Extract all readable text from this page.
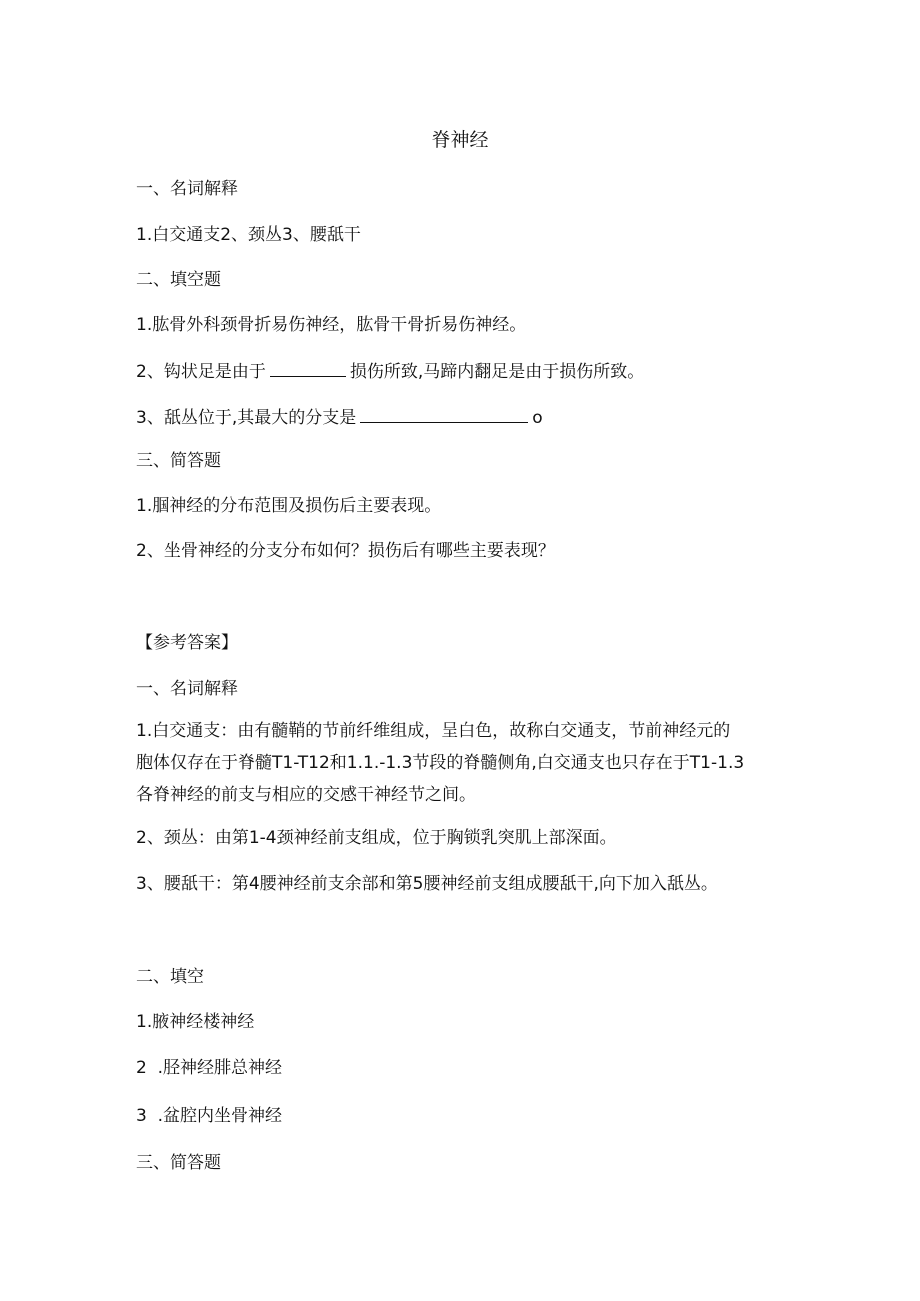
脊神经
一、名词解释
1.白交通支2、颈丛3、腰舐干
二、填空题
1.肱骨外科颈骨折易伤神经，肱骨干骨折易伤神经。
2、钩状足是由于	损伤所致,马蹄内翻足是由于损伤所致。
3、舐丛位于,其最大的分支是	o
三、简答题
1.腘神经的分布范围及损伤后主要表现。
2、坐骨神经的分支分布如何？损伤后有哪些主要表现？
【参考答案】
一、名词解释
1.白交通支：由有髓鞘的节前纤维组成，呈白色，故称白交通支，节前神经元的
胞体仅存在于脊髓T1-T12和1.1.-1.3节段的脊髓侧角,白交通支也只存在于T1-1.3
各脊神经的前支与相应的交感干神经节之间。
2、颈丛：由第1-4颈神经前支组成，位于胸锁乳突肌上部深面。
3、腰舐干：第4腰神经前支余部和第5腰神经前支组成腰舐干,向下加入舐丛。
二、填空
1.腋神经楼神经
2  .胫神经腓总神经
3  .盆腔内坐骨神经
三、简答题
